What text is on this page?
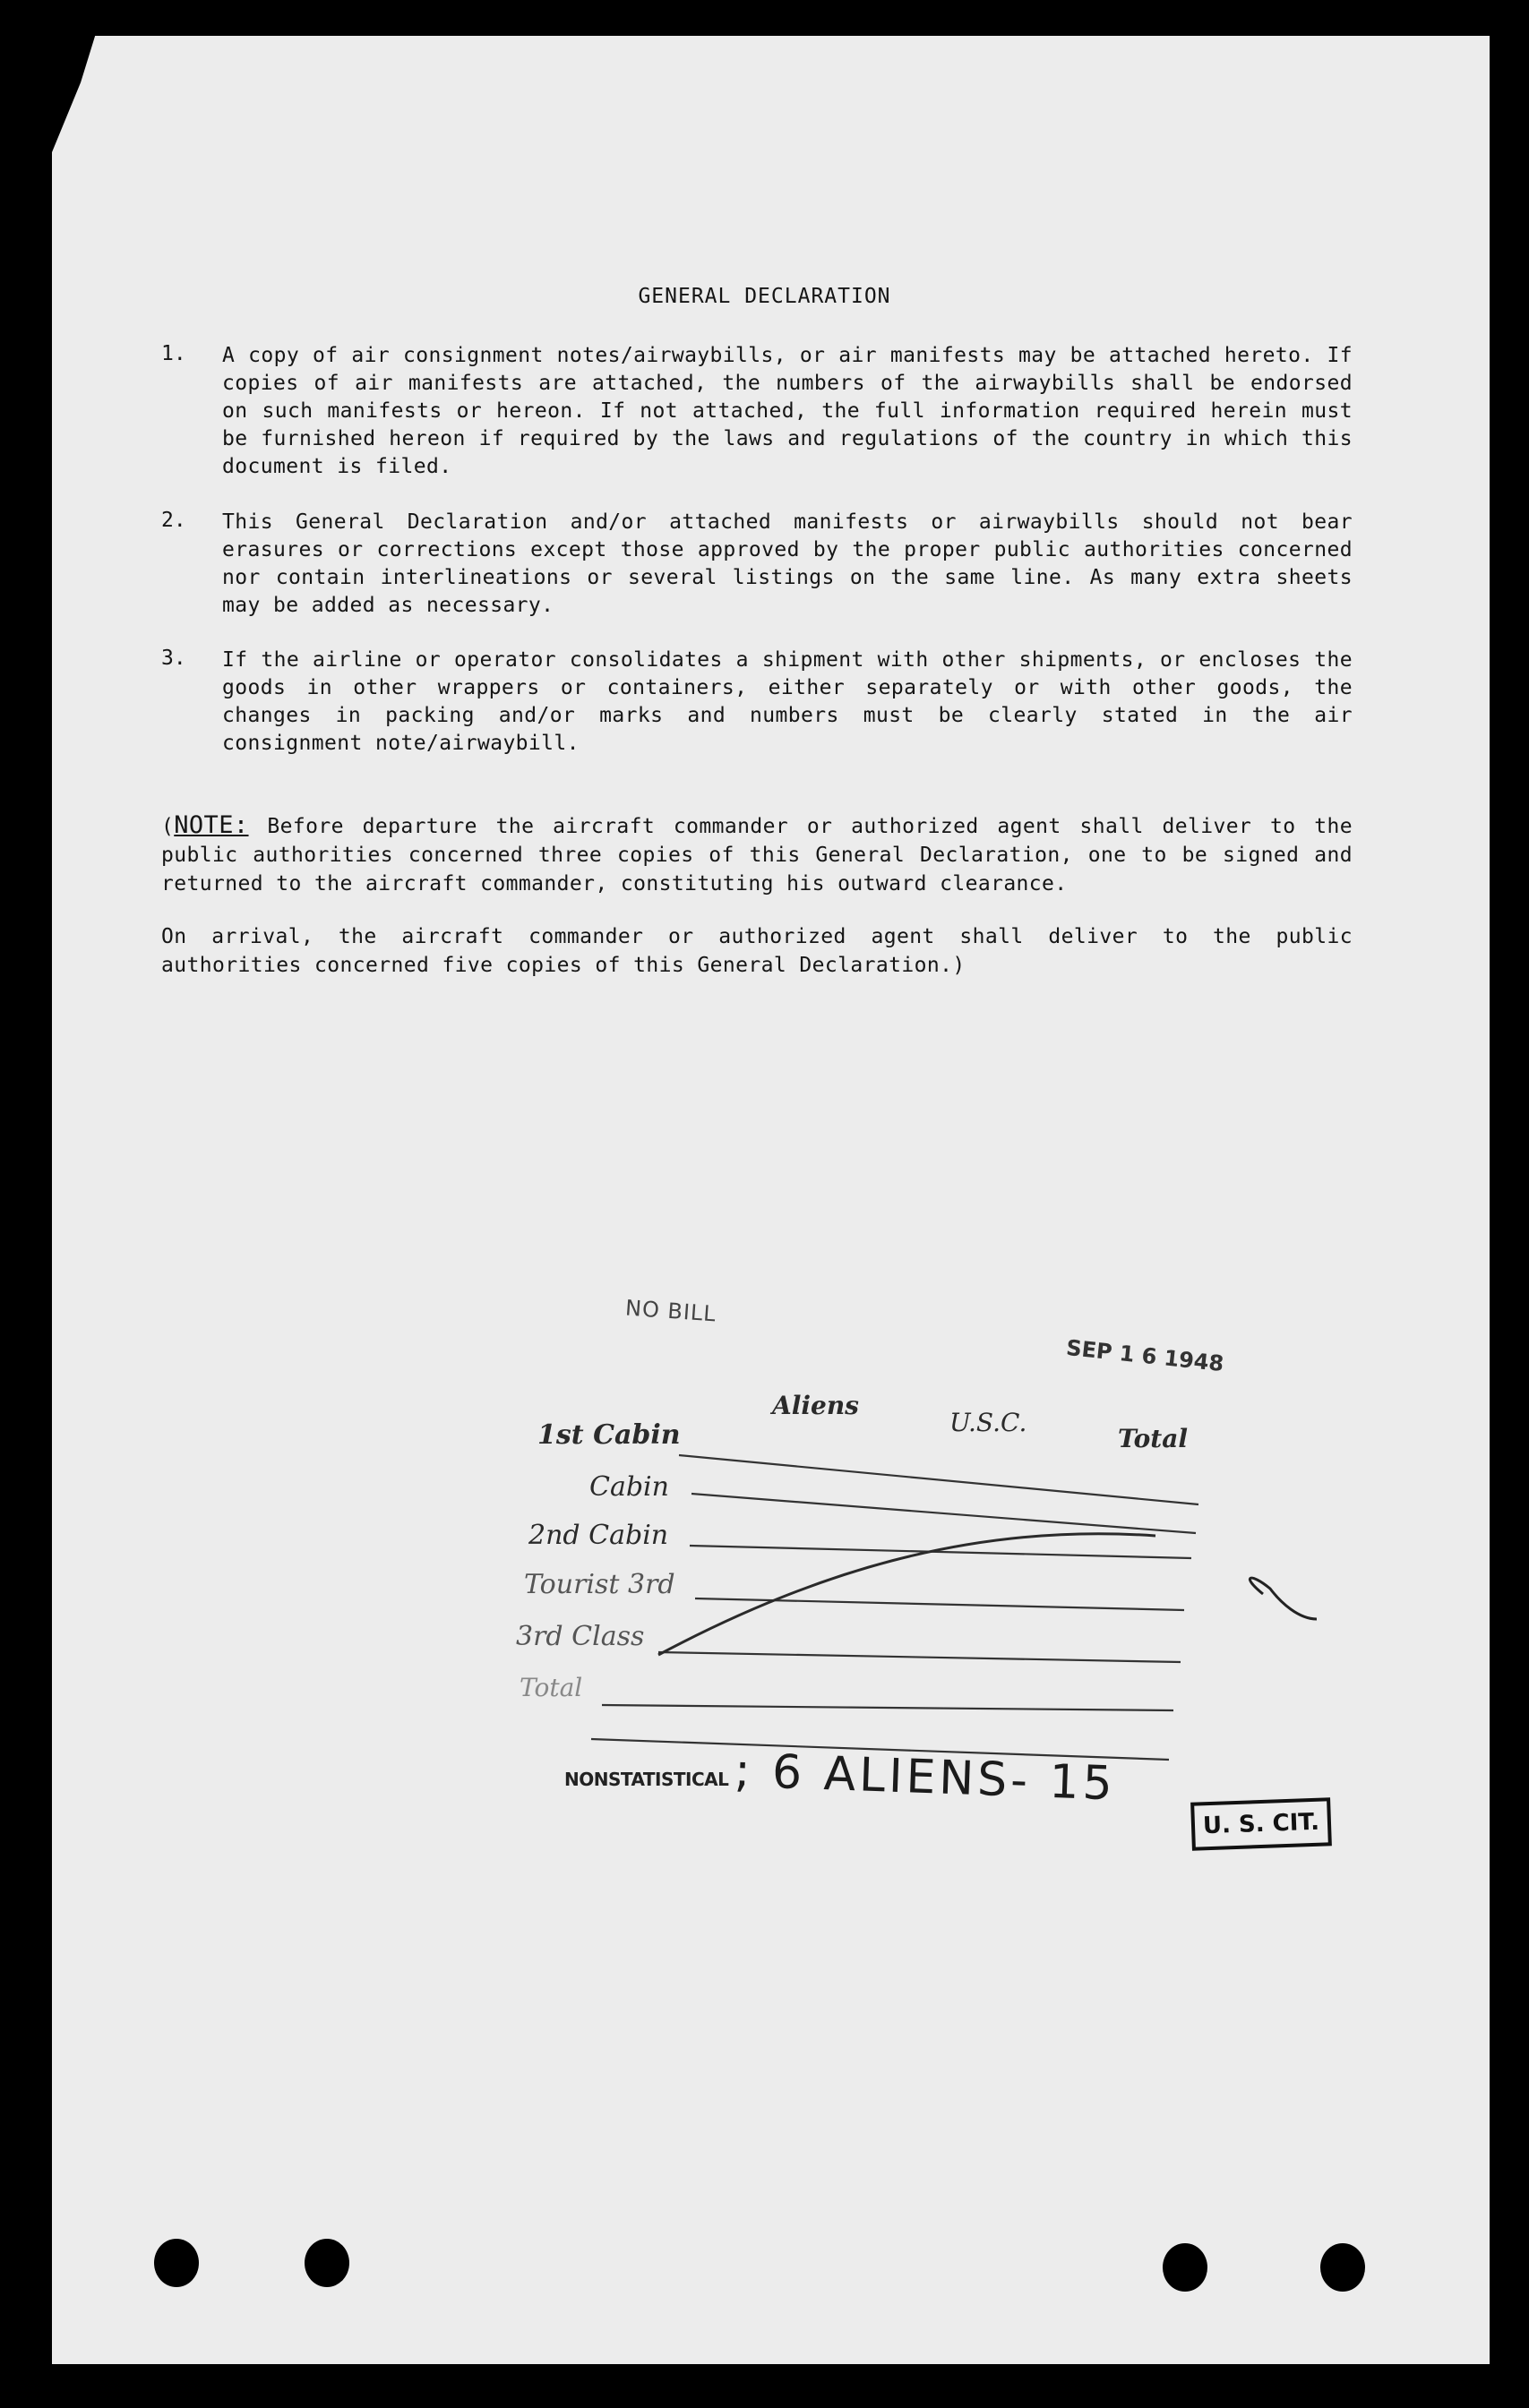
GENERAL DECLARATION
1. A copy of air consignment notes/airwaybills, or air manifests may be attached hereto. If copies of air manifests are attached, the numbers of the airwaybills shall be endorsed on such manifests or hereon. If not attached, the full information required herein must be furnished hereon if required by the laws and regulations of the country in which this document is filed.
2. This General Declaration and/or attached manifests or airwaybills should not bear erasures or corrections except those approved by the proper public authorities concerned nor contain interlineations or several listings on the same line. As many extra sheets may be added as necessary.
3. If the airline or operator consolidates a shipment with other shipments, or encloses the goods in other wrappers or containers, either separately or with other goods, the changes in packing and/or marks and numbers must be clearly stated in the air consignment note/airwaybill.
(NOTE: Before departure the aircraft commander or authorized agent shall deliver to the public authorities concerned three copies of this General Declaration, one to be signed and returned to the aircraft commander, constituting his outward clearance.
On arrival, the aircraft commander or authorized agent shall deliver to the public authorities concerned five copies of this General Declaration.)
NO BILL
SEP 1 6 1948
Aliens
U.S.C.
Total
1st Cabin
Cabin
2nd Cabin
Tourist 3rd
3rd Class
Total
NONSTATISTICAL ; 6 ALIENS- 15
U. S. CIT.
